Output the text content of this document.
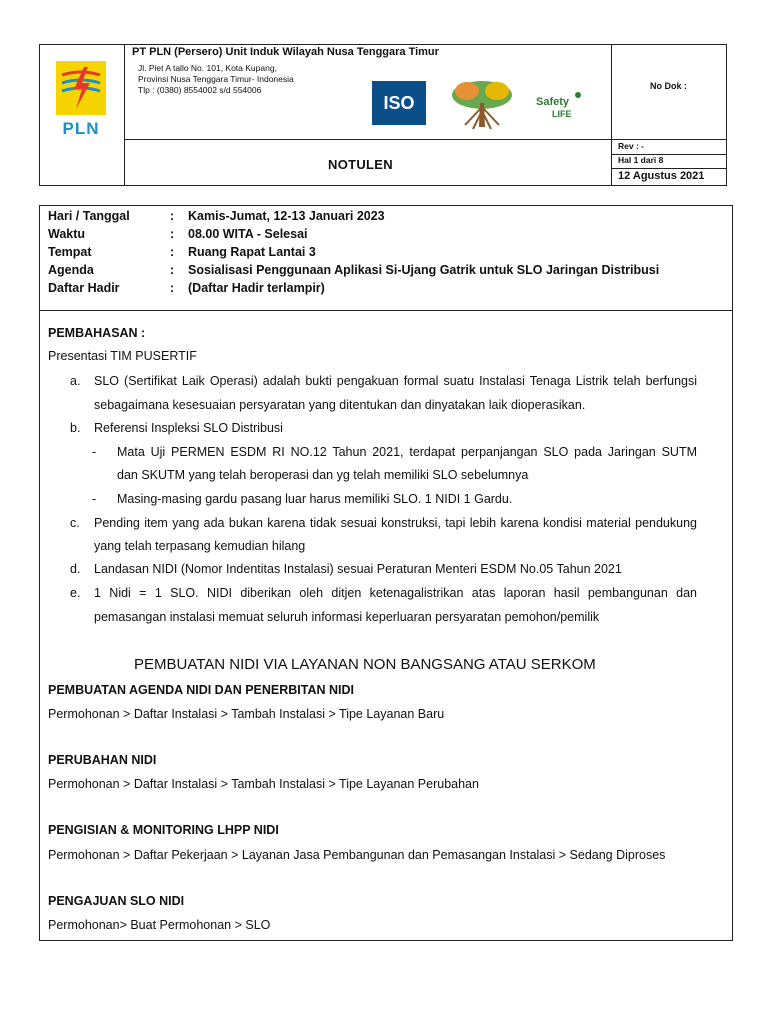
PLN
PT PLN (Persero) Unit Induk Wilayah Nusa Tenggara Timur
Jl. Piet A tallo No. 101, Kota Kupang,
Provinsi Nusa Tenggara Timur- Indonesia
Tlp : (0380) 8554002 s/d 554006
ISO	Safety
LIFE
No Dok :
NOTULEN
Rev : -
Hal 1 dari 8
12 Agustus 2021
Hari / Tanggal	: Kamis-Jumat, 12-13 Januari 2023
Waktu	: 08.00 WITA - Selesai
Tempat	: Ruang Rapat Lantai 3
Agenda	: Sosialisasi Penggunaan Aplikasi Si-Ujang Gatrik untuk SLO Jaringan Distribusi
Daftar Hadir	: (Daftar Hadir terlampir)
PEMBAHASAN :
Presentasi TIM PUSERTIF
a. SLO (Sertifikat Laik Operasi) adalah bukti pengakuan formal suatu Instalasi Tenaga Listrik telah berfungsi
sebagaimana kesesuaian persyaratan yang ditentukan dan dinyatakan laik dioperasikan.
b. Referensi Inspleksi SLO Distribusi
- Mata Uji PERMEN ESDM RI NO.12 Tahun 2021, terdapat perpanjangan SLO pada Jaringan SUTM
dan SKUTM yang telah beroperasi dan yg telah memiliki SLO sebelumnya
- Masing-masing gardu pasang luar harus memiliki SLO. 1 NIDI 1 Gardu.
c. Pending item yang ada bukan karena tidak sesuai konstruksi, tapi lebih karena kondisi material pendukung
yang telah terpasang kemudian hilang
d. Landasan NIDI (Nomor Indentitas Instalasi) sesuai Peraturan Menteri ESDM No.05 Tahun 2021
e. 1 Nidi = 1 SLO. NIDI diberikan oleh ditjen ketenagalistrikan atas laporan hasil pembangunan dan
pemasangan instalasi memuat seluruh informasi keperluaran persyaratan pemohon/pemilik
PEMBUATAN NIDI VIA LAYANAN NON BANGSANG ATAU SERKOM
PEMBUATAN AGENDA NIDI DAN PENERBITAN NIDI
Permohonan > Daftar Instalasi > Tambah Instalasi > Tipe Layanan Baru
PERUBAHAN NIDI
Permohonan > Daftar Instalasi > Tambah Instalasi > Tipe Layanan Perubahan
PENGISIAN & MONITORING LHPP NIDI
Permohonan > Daftar Pekerjaan > Layanan Jasa Pembangunan dan Pemasangan Instalasi > Sedang Diproses
PENGAJUAN SLO NIDI
Permohonan> Buat Permohonan > SLO
